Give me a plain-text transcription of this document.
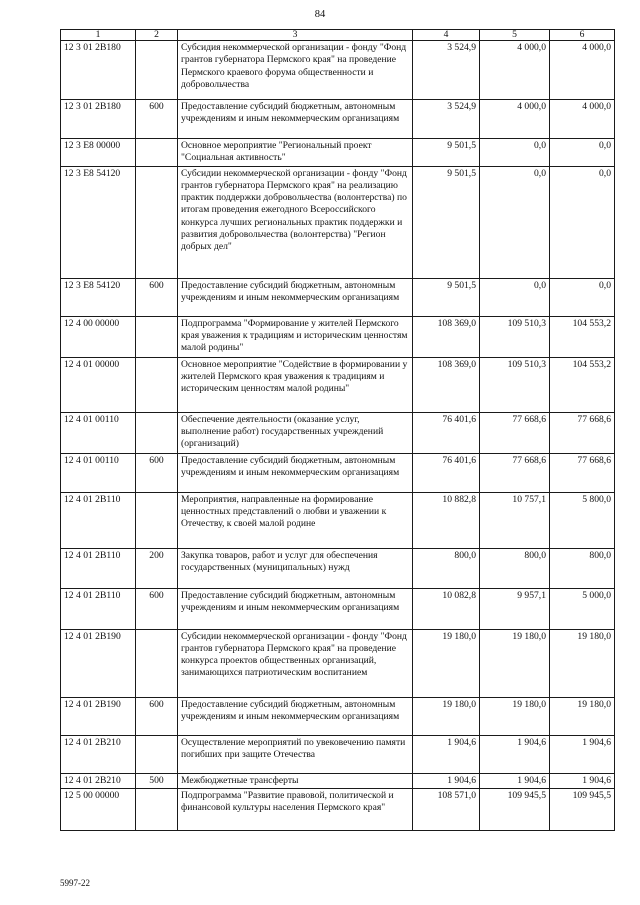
84
1	2	3	4	5	6
12 3 01 2В180		Субсидия некоммерческой организации - фонду "Фонд грантов губернатора Пермского края" на проведение Пермского краевого форума общественности и добровольчества	3 524,9	4 000,0	4 000,0
12 3 01 2В180	600	Предоставление субсидий бюджетным, автономным учреждениям и иным некоммерческим организациям	3 524,9	4 000,0	4 000,0
12 3 Е8 00000		Основное мероприятие "Региональный проект "Социальная активность"	9 501,5	0,0	0,0
12 3 Е8 54120		Субсидии некоммерческой организации - фонду "Фонд грантов губернатора Пермского края" на реализацию практик поддержки добровольчества (волонтерства) по итогам проведения ежегодного Всероссийского конкурса лучших региональных практик поддержки и развития добровольчества (волонтерства) "Регион добрых дел"	9 501,5	0,0	0,0
12 3 Е8 54120	600	Предоставление субсидий бюджетным, автономным учреждениям и иным некоммерческим организациям	9 501,5	0,0	0,0
12 4 00 00000		Подпрограмма "Формирование у жителей Пермского края уважения к традициям и историческим ценностям малой родины"	108 369,0	109 510,3	104 553,2
12 4 01 00000		Основное мероприятие "Содействие в формировании у жителей Пермского края уважения к традициям и историческим ценностям малой родины"	108 369,0	109 510,3	104 553,2
12 4 01 00110		Обеспечение деятельности (оказание услуг, выполнение работ) государственных учреждений (организаций)	76 401,6	77 668,6	77 668,6
12 4 01 00110	600	Предоставление субсидий бюджетным, автономным учреждениям и иным некоммерческим организациям	76 401,6	77 668,6	77 668,6
12 4 01 2В110		Мероприятия, направленные на формирование ценностных представлений о любви и уважении к Отечеству, к своей малой родине	10 882,8	10 757,1	5 800,0
12 4 01 2В110	200	Закупка товаров, работ и услуг для обеспечения государственных (муниципальных) нужд	800,0	800,0	800,0
12 4 01 2В110	600	Предоставление субсидий бюджетным, автономным учреждениям и иным некоммерческим организациям	10 082,8	9 957,1	5 000,0
12 4 01 2В190		Субсидии некоммерческой организации - фонду "Фонд грантов губернатора Пермского края" на проведение конкурса проектов общественных организаций, занимающихся патриотическим воспитанием	19 180,0	19 180,0	19 180,0
12 4 01 2В190	600	Предоставление субсидий бюджетным, автономным учреждениям и иным некоммерческим организациям	19 180,0	19 180,0	19 180,0
12 4 01 2В210		Осуществление мероприятий по увековечению памяти погибших при защите Отечества	1 904,6	1 904,6	1 904,6
12 4 01 2В210	500	Межбюджетные трансферты	1 904,6	1 904,6	1 904,6
12 5 00 00000		Подпрограмма "Развитие правовой, политической и финансовой культуры населения Пермского края"	108 571,0	109 945,5	109 945,5
5997-22
